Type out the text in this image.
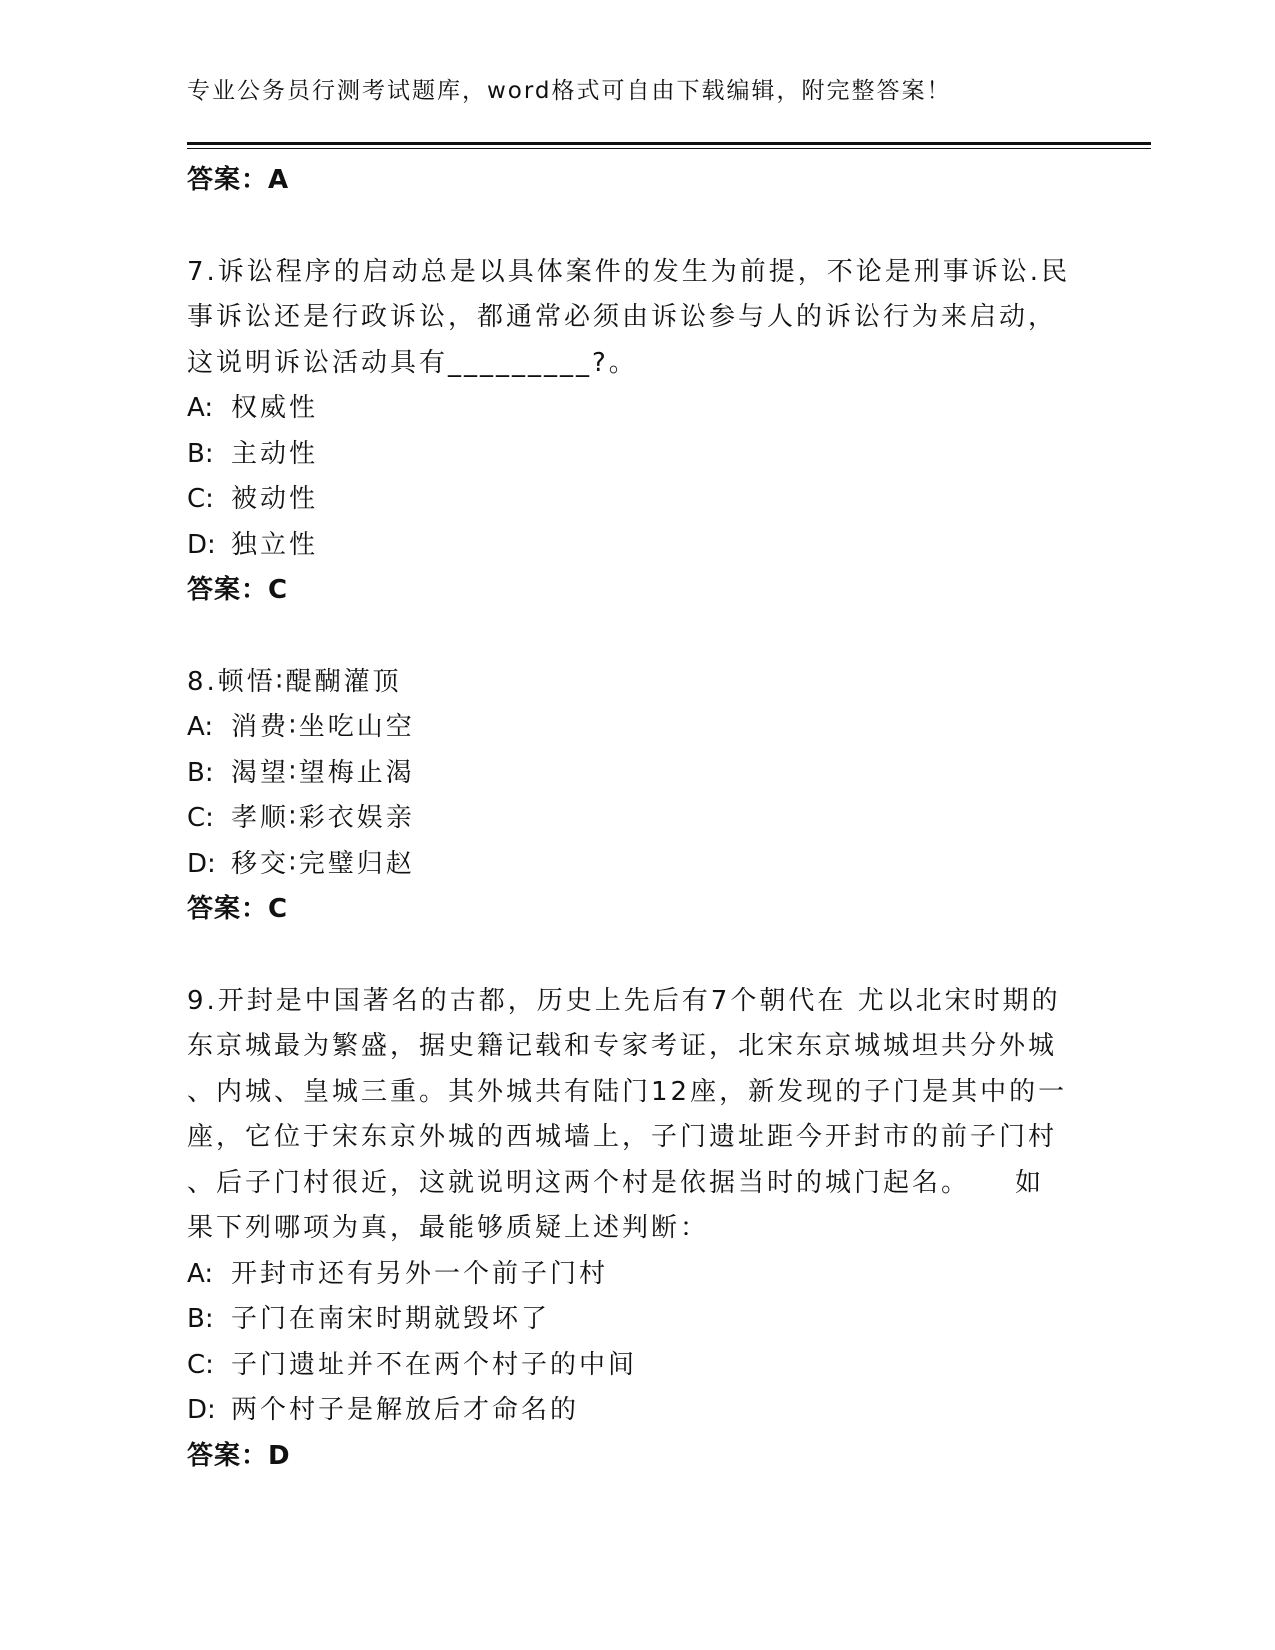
专业公务员行测考试题库，word格式可自由下载编辑，附完整答案！
答案：A
7.诉讼程序的启动总是以具体案件的发生为前提，不论是刑事诉讼.民
事诉讼还是行政诉讼，都通常必须由诉讼参与人的诉讼行为来启动，
这说明诉讼活动具有_________?。
A: 权威性
B: 主动性
C: 被动性
D: 独立性
答案：C
8.顿悟∶醍醐灌顶
A: 消费∶坐吃山空
B: 渴望∶望梅止渴
C: 孝顺∶彩衣娱亲
D: 移交∶完璧归赵
答案：C
9.开封是中国著名的古都，历史上先后有7个朝代在 尤以北宋时期的
东京城最为繁盛，据史籍记载和专家考证，北宋东京城城坦共分外城
、内城、皇城三重。其外城共有陆门12座，新发现的子门是其中的一
座，它位于宋东京外城的西城墙上，子门遗址距今开封市的前子门村
、后子门村很近，这就说明这两个村是依据当时的城门起名。　　如
果下列哪项为真，最能够质疑上述判断：
A: 开封市还有另外一个前子门村
B: 子门在南宋时期就毁坏了
C: 子门遗址并不在两个村子的中间
D: 两个村子是解放后才命名的
答案：D
